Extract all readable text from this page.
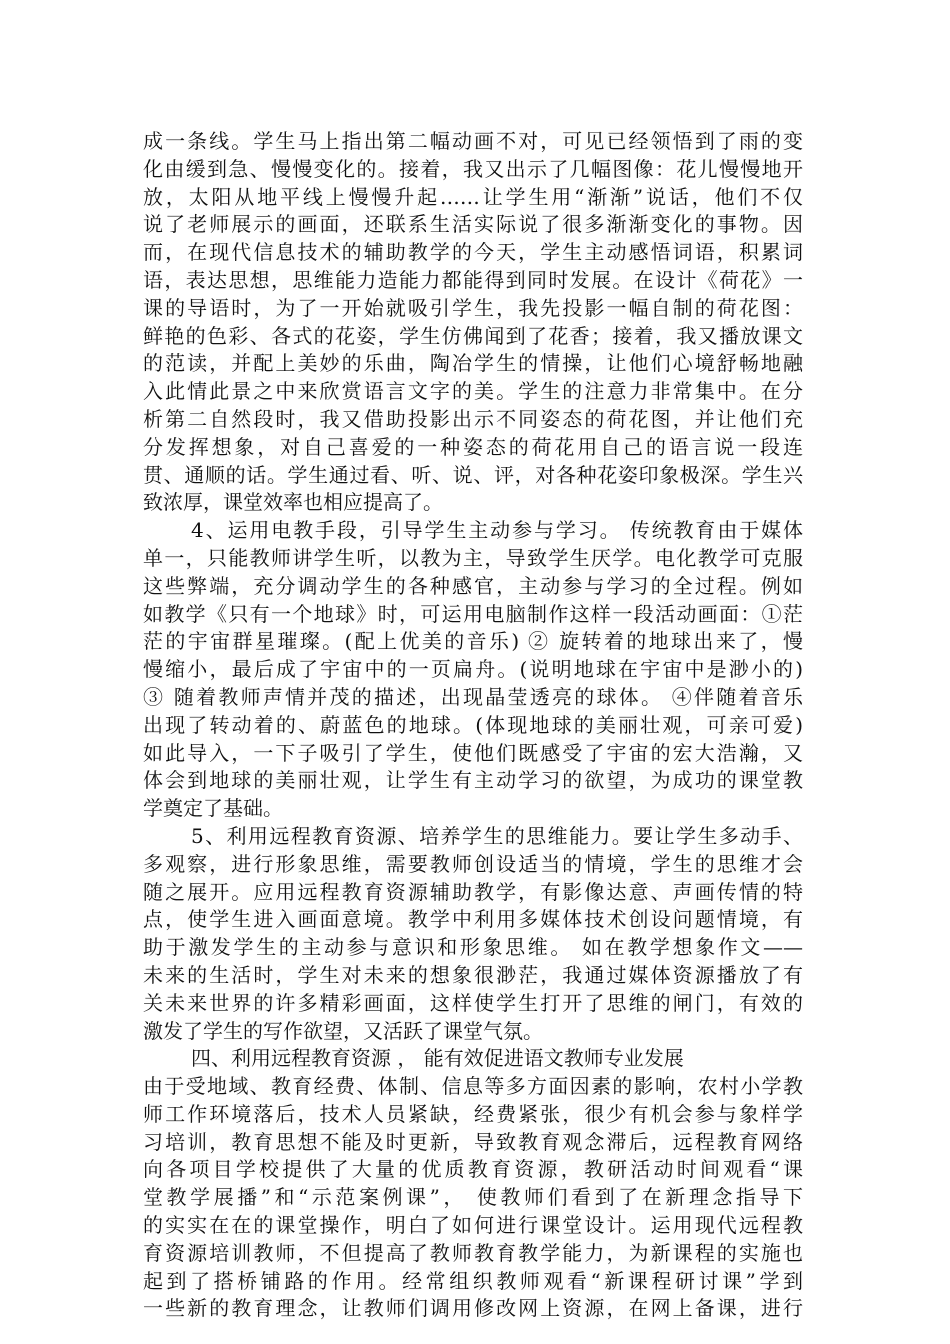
成一条线。学生马上指出第二幅动画不对，可见已经领悟到了雨的变
化由缓到急、慢慢变化的。接着，我又出示了几幅图像：花儿慢慢地开
放，太阳从地平线上慢慢升起……让学生用“渐渐”说话，他们不仅
说了老师展示的画面，还联系生活实际说了很多渐渐变化的事物。因
而，在现代信息技术的辅助教学的今天，学生主动感悟词语，积累词
语，表达思想，思维能力造能力都能得到同时发展。在设计《荷花》一
课的导语时，为了一开始就吸引学生，我先投影一幅自制的荷花图：
鲜艳的色彩、各式的花姿，学生仿佛闻到了花香；接着，我又播放课文
的范读，并配上美妙的乐曲，陶冶学生的情操，让他们心境舒畅地融
入此情此景之中来欣赏语言文字的美。学生的注意力非常集中。在分
析第二自然段时，我又借助投影出示不同姿态的荷花图，并让他们充
分发挥想象，对自己喜爱的一种姿态的荷花用自己的语言说一段连
贯、通顺的话。学生通过看、听、说、评，对各种花姿印象极深。学生兴
致浓厚，课堂效率也相应提高了。
4、运用电教手段，引导学生主动参与学习。 传统教育由于媒体
单一，只能教师讲学生听，以教为主，导致学生厌学。电化教学可克服
这些弊端，充分调动学生的各种感官，主动参与学习的全过程。例如
如教学《只有一个地球》时，可运用电脑制作这样一段活动画面：①茫
茫的宇宙群星璀璨。(配上优美的音乐) ② 旋转着的地球出来了，慢
慢缩小，最后成了宇宙中的一页扁舟。(说明地球在宇宙中是渺小的)
③ 随着教师声情并茂的描述，出现晶莹透亮的球体。 ④伴随着音乐
出现了转动着的、蔚蓝色的地球。(体现地球的美丽壮观，可亲可爱)
如此导入，一下子吸引了学生，使他们既感受了宇宙的宏大浩瀚，又
体会到地球的美丽壮观，让学生有主动学习的欲望，为成功的课堂教
学奠定了基础。
5、利用远程教育资源、培养学生的思维能力。要让学生多动手、
多观察，进行形象思维，需要教师创设适当的情境，学生的思维才会
随之展开。应用远程教育资源辅助教学，有影像达意、声画传情的特
点，使学生进入画面意境。教学中利用多媒体技术创设问题情境，有
助于激发学生的主动参与意识和形象思维。 如在教学想象作文——
未来的生活时，学生对未来的想象很渺茫，我通过媒体资源播放了有
关未来世界的许多精彩画面，这样使学生打开了思维的闸门，有效的
激发了学生的写作欲望，又活跃了课堂气氛。
四、利用远程教育资源 ， 能有效促进语文教师专业发展
由于受地域、教育经费、体制、信息等多方面因素的影响，农村小学教
师工作环境落后，技术人员紧缺，经费紧张，很少有机会参与象样学
习培训，教育思想不能及时更新，导致教育观念滞后，远程教育网络
向各项目学校提供了大量的优质教育资源，教研活动时间观看“课
堂教学展播”和“示范案例课”， 使教师们看到了在新理念指导下
的实实在在的课堂操作，明白了如何进行课堂设计。运用现代远程教
育资源培训教师，不但提高了教师教育教学能力，为新课程的实施也
起到了搭桥铺路的作用。经常组织教师观看“新课程研讨课”学到
一些新的教育理念，让教师们调用修改网上资源，在网上备课，进行
